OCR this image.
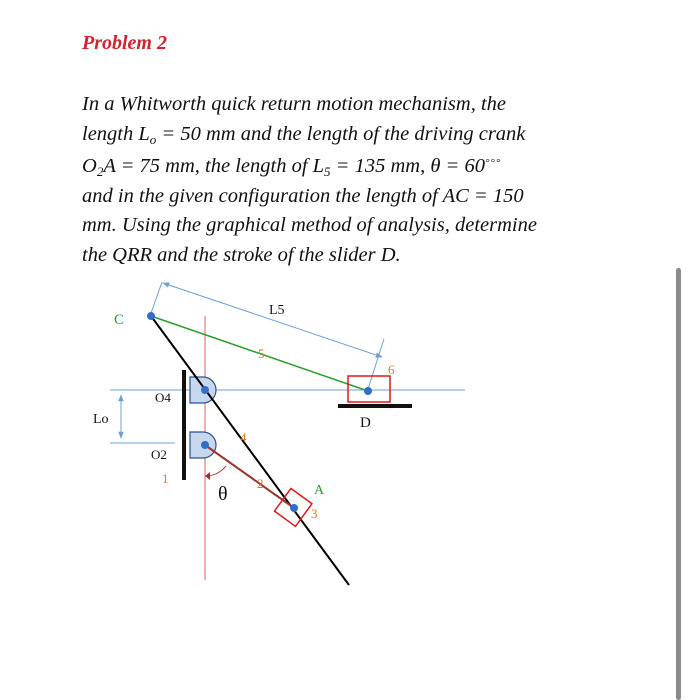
Problem 2
In a Whitworth quick return motion mechanism, the
length $L_o = 50$ mm and the length of the driving crank
$O_2A = 75$ mm, the length of $L_5 = 135$ mm, θ = 60°°°
and in the given configuration the length of AC = 150
mm. Using the graphical method of analysis, determine
the QRR and the stroke of the slider D.
C
L5
5
6
O4
Lo	D
4
O2
1
θ 2	A
3
